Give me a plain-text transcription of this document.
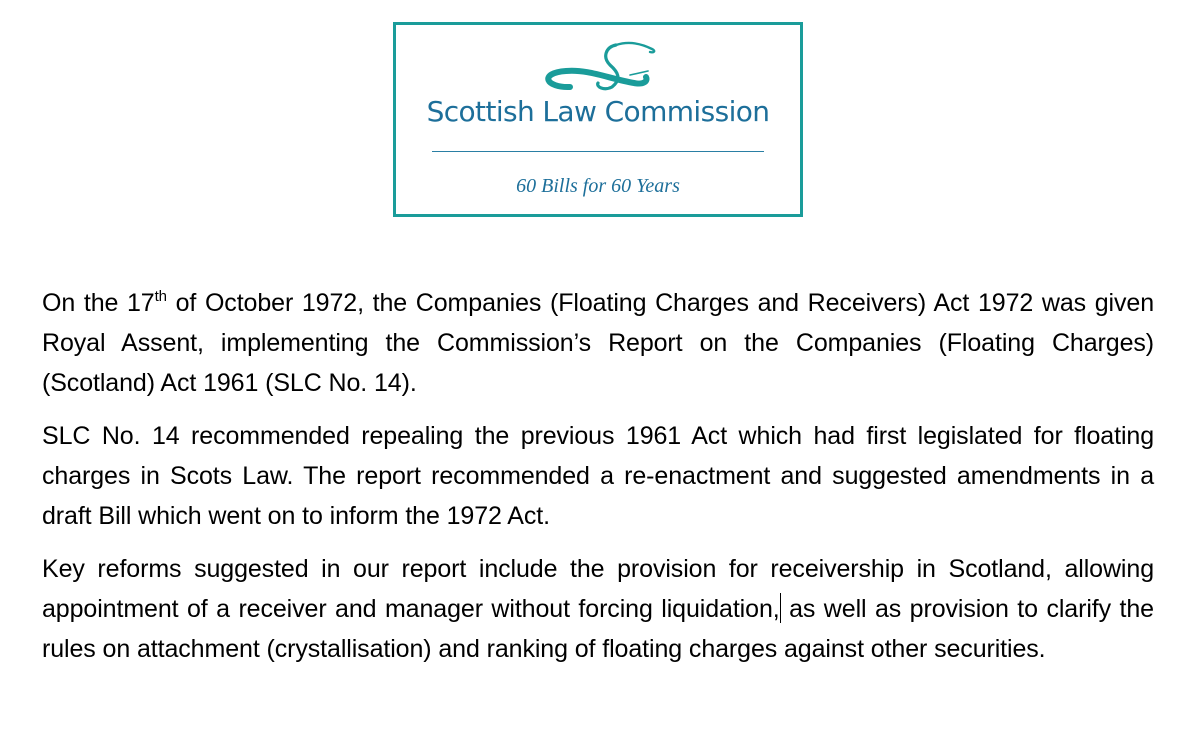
Scottish Law Commission
60 Bills for 60 Years

On the 17th of October 1972, the Companies (Floating Charges and Receivers) Act 1972 was given Royal Assent, implementing the Commission’s Report on the Companies (Floating Charges) (Scotland) Act 1961 (SLC No. 14).

SLC No. 14 recommended repealing the previous 1961 Act which had first legislated for floating charges in Scots Law. The report recommended a re-enactment and suggested amendments in a draft Bill which went on to inform the 1972 Act.

Key reforms suggested in our report include the provision for receivership in Scotland, allowing appointment of a receiver and manager without forcing liquidation, as well as provision to clarify the rules on attachment (crystallisation) and ranking of floating charges against other securities.
